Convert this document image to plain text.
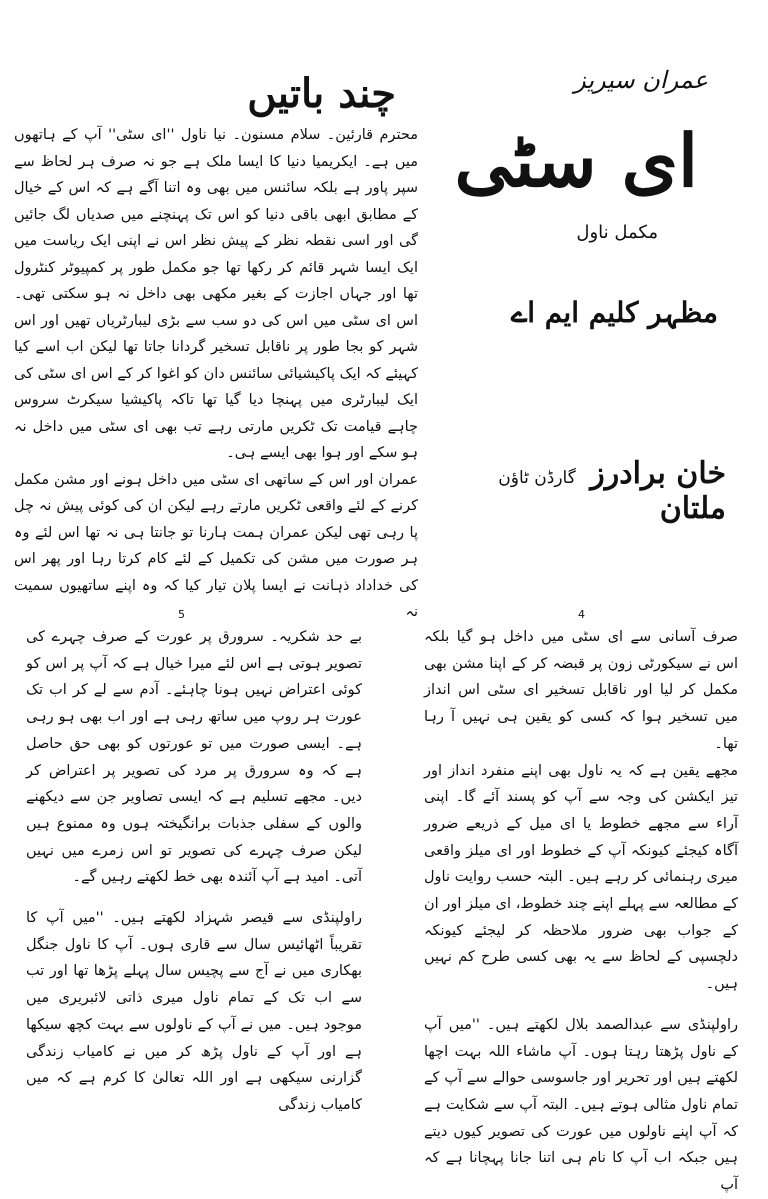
چند باتیں

محترم قارئین۔ سلام مسنون۔ نیا ناول ''ای سٹی'' آپ کے ہاتھوں میں ہے۔ ایکریمیا دنیا کا ایسا ملک ہے جو نہ صرف ہر لحاظ سے سپر پاور ہے بلکہ سائنس میں بھی وہ اتنا آگے ہے کہ اس کے خیال کے مطابق ابھی باقی دنیا کو اس تک پہنچنے میں صدیاں لگ جائیں گی اور اسی نقطہ نظر کے پیش نظر اس نے اپنی ایک ریاست میں ایک ایسا شہر قائم کر رکھا تھا جو مکمل طور پر کمپیوٹر کنٹرول تھا اور جہاں اجازت کے بغیر مکھی بھی داخل نہ ہو سکتی تھی۔ اس ای سٹی میں اس کی دو سب سے بڑی لیبارٹریاں تھیں اور اس شہر کو بجا طور پر ناقابل تسخیر گردانا جاتا تھا لیکن اب اسے کیا کہیئے کہ ایک پاکیشیائی سائنس دان کو اغوا کر کے اس ای سٹی کی ایک لیبارٹری میں پہنچا دیا گیا تھا تاکہ پاکیشیا سیکرٹ سروس چاہے قیامت تک ٹکریں مارتی رہے تب بھی ای سٹی میں داخل نہ ہو سکے اور ہوا بھی ایسے ہی۔

عمران اور اس کے ساتھی ای سٹی میں داخل ہونے اور مشن مکمل کرنے کے لئے واقعی ٹکریں مارتے رہے لیکن ان کی کوئی پیش نہ چل پا رہی تھی لیکن عمران ہمت ہارنا تو جانتا ہی نہ تھا اس لئے وہ ہر صورت میں مشن کی تکمیل کے لئے کام کرتا رہا اور پھر اس کی خداداد ذہانت نے ایسا پلان تیار کیا کہ وہ اپنے ساتھیوں سمیت نہ

عمران سیریز
ای سٹی
مکمل ناول
مظہر کلیم ایم اے
خان برادرز گارڈن ٹاؤن ملتان
5

بے حد شکریہ۔ سرورق پر عورت کے صرف چہرے کی تصویر ہوتی ہے اس لئے میرا خیال ہے کہ آپ پر اس کو کوئی اعتراض نہیں ہونا چاہئے۔ آدم سے لے کر اب تک عورت ہر روپ میں ساتھ رہی ہے اور اب بھی ہو رہی ہے۔ ایسی صورت میں تو عورتوں کو بھی حق حاصل ہے کہ وہ سرورق پر مرد کی تصویر پر اعتراض کر دیں۔ مجھے تسلیم ہے کہ ایسی تصاویر جن سے دیکھنے والوں کے سفلی جذبات برانگیختہ ہوں وہ ممنوع ہیں لیکن صرف چہرے کی تصویر تو اس زمرے میں نہیں آتی۔ امید ہے آپ آئندہ بھی خط لکھتے رہیں گے۔

راولپنڈی سے قیصر شہزاد لکھتے ہیں۔ ''میں آپ کا تقریباً اٹھائیس سال سے قاری ہوں۔ آپ کا ناول جنگل بھکاری میں نے آج سے پچیس سال پہلے پڑھا تھا اور تب سے اب تک کے تمام ناول میری ذاتی لائبریری میں موجود ہیں۔ میں نے آپ کے ناولوں سے بہت کچھ سیکھا ہے اور آپ کے ناول پڑھ کر میں نے کامیاب زندگی گزارنی سیکھی ہے اور اللہ تعالیٰ کا کرم ہے کہ میں کامیاب زندگی

4

صرف آسانی سے ای سٹی میں داخل ہو گیا بلکہ اس نے سیکورٹی زون پر قبضہ کر کے اپنا مشن بھی مکمل کر لیا اور ناقابل تسخیر ای سٹی اس انداز میں تسخیر ہوا کہ کسی کو یقین ہی نہیں آ رہا تھا۔

مجھے یقین ہے کہ یہ ناول بھی اپنے منفرد انداز اور تیز ایکشن کی وجہ سے آپ کو پسند آئے گا۔ اپنی آراء سے مجھے خطوط یا ای میل کے ذریعے ضرور آگاہ کیجئے کیونکہ آپ کے خطوط اور ای میلز واقعی میری رہنمائی کر رہے ہیں۔ البتہ حسب روایت ناول کے مطالعہ سے پہلے اپنے چند خطوط، ای میلز اور ان کے جواب بھی ضرور ملاحظہ کر لیجئے کیونکہ دلچسپی کے لحاظ سے یہ بھی کسی طرح کم نہیں ہیں۔

راولپنڈی سے عبدالصمد بلال لکھتے ہیں۔ ''میں آپ کے ناول پڑھتا رہتا ہوں۔ آپ ماشاء اللہ بہت اچھا لکھتے ہیں اور تحریر اور جاسوسی حوالے سے آپ کے تمام ناول مثالی ہوتے ہیں۔ البتہ آپ سے شکایت ہے کہ آپ اپنے ناولوں میں عورت کی تصویر کیوں دیتے ہیں جبکہ اب آپ کا نام ہی اتنا جانا پہچانا ہے کہ آپ
